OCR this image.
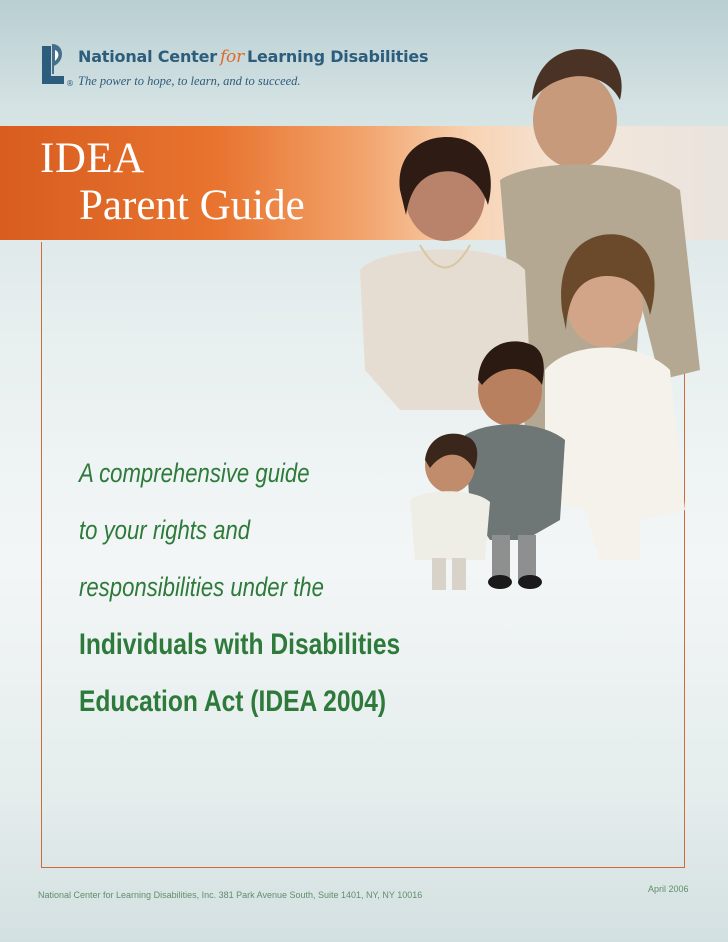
®
National Center for Learning Disabilities
The power to hope, to learn, and to succeed.
IDEA
Parent Guide
A comprehensive guide
to your rights and
responsibilities under the
Individuals with Disabilities
Education Act (IDEA 2004)
National Center for Learning Disabilities, Inc. 381 Park Avenue South, Suite 1401, NY, NY 10016
April 2006
